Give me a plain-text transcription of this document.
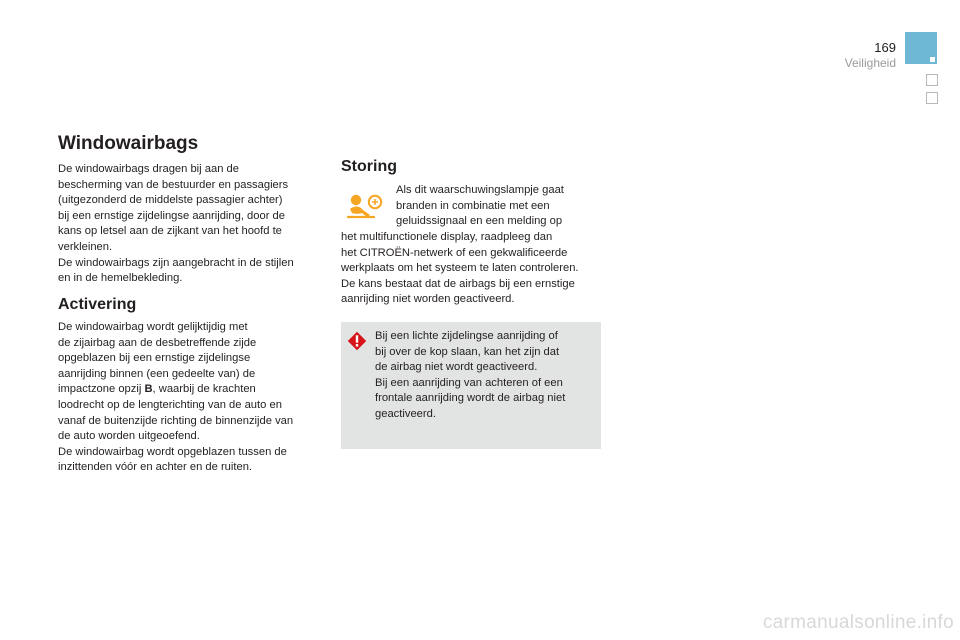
169
Veiligheid
Windowairbags

De windowairbags dragen bij aan de
bescherming van de bestuurder en passagiers
(uitgezonderd de middelste passagier achter)
bij een ernstige zijdelingse aanrijding, door de
kans op letsel aan de zijkant van het hoofd te
verkleinen.
De windowairbags zijn aangebracht in de stijlen
en in de hemelbekleding.

Activering

De windowairbag wordt gelijktijdig met
de zijairbag aan de desbetreffende zijde
opgeblazen bij een ernstige zijdelingse
aanrijding binnen (een gedeelte van) de
impactzone opzij B, waarbij de krachten
loodrecht op de lengterichting van de auto en
vanaf de buitenzijde richting de binnenzijde van
de auto worden uitgeoefend.
De windowairbag wordt opgeblazen tussen de
inzittenden vóór en achter en de ruiten.

Storing

Als dit waarschuwingslampje gaat
branden in combinatie met een
geluidssignaal en een melding op

het multifunctionele display, raadpleeg dan
het CITROËN-netwerk of een gekwalificeerde
werkplaats om het systeem te laten controleren.
De kans bestaat dat de airbags bij een ernstige
aanrijding niet worden geactiveerd.

Bij een lichte zijdelingse aanrijding of
bij over de kop slaan, kan het zijn dat
de airbag niet wordt geactiveerd.
Bij een aanrijding van achteren of een
frontale aanrijding wordt de airbag niet
geactiveerd.

carmanualsonline.info
